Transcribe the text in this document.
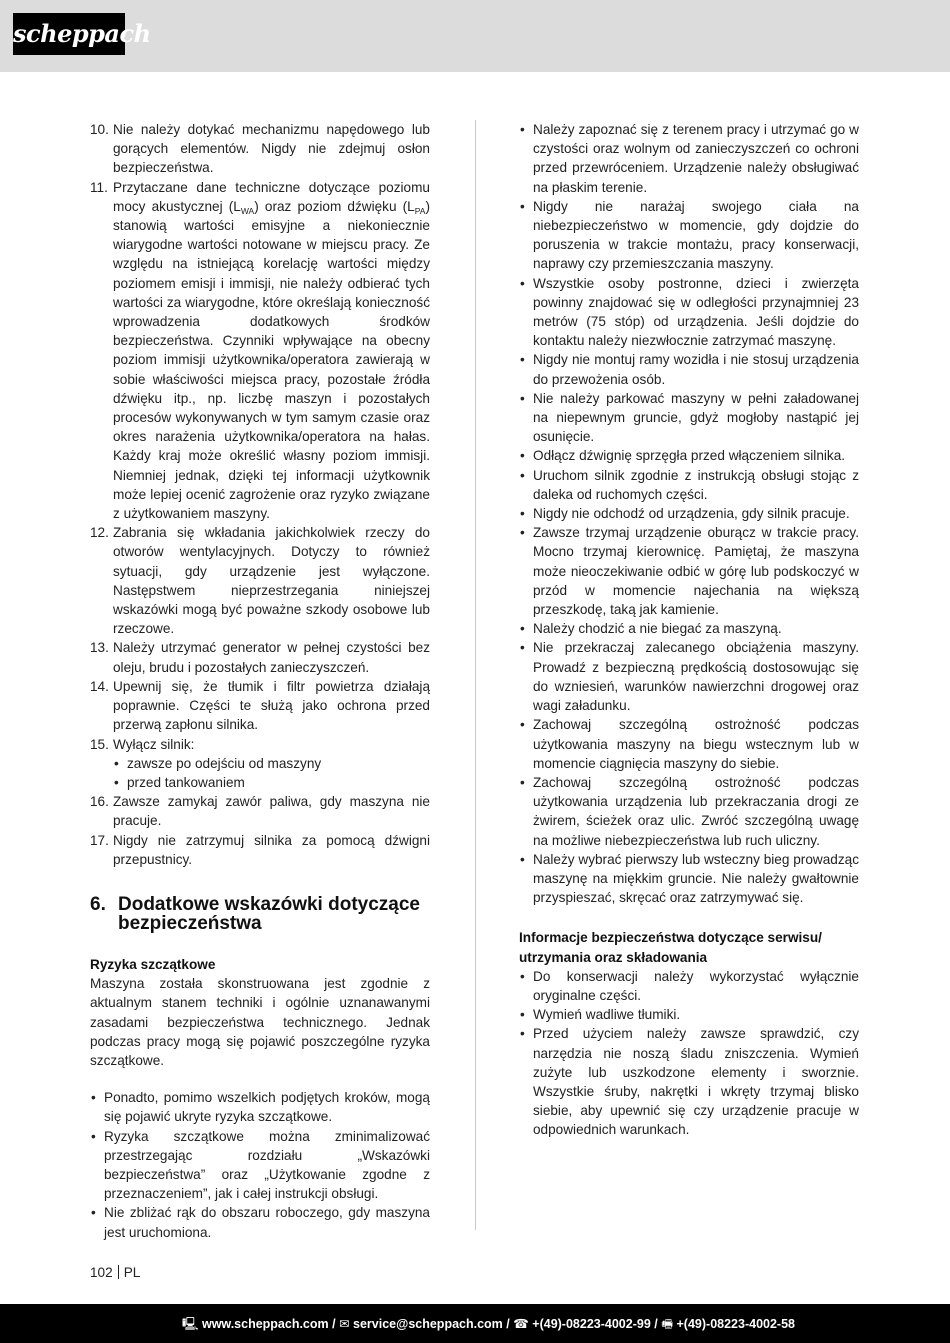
scheppach
10. Nie należy dotykać mechanizmu napędowego lub gorących elementów. Nigdy nie zdejmuj osłon bezpieczeństwa.
11. Przytaczane dane techniczne dotyczące poziomu mocy akustycznej $(L_{WA})$ oraz poziom dźwięku $(L_{PA})$ stanowią wartości emisyjne a niekoniecznie wiarygodne wartości notowane w miejscu pracy. Ze względu na istniejącą korelację wartości między poziomem emisji i immisji, nie należy odbierać tych wartości za wiarygodne, które określają konieczność wprowadzenia dodatkowych środków bezpieczeństwa. Czynniki wpływające na obecny poziom immisji użytkownika/operatora zawierają w sobie właściwości miejsca pracy, pozostałe źródła dźwięku itp., np. liczbę maszyn i pozostałych procesów wykonywanych w tym samym czasie oraz okres narażenia użytkownika/operatora na hałas. Każdy kraj może określić własny poziom immisji. Niemniej jednak, dzięki tej informacji użytkownik może lepiej ocenić zagrożenie oraz ryzyko związane z użytkowaniem maszyny.
12. Zabrania się wkładania jakichkolwiek rzeczy do otworów wentylacyjnych. Dotyczy to również sytuacji, gdy urządzenie jest wyłączone. Następstwem nieprzestrzegania niniejszej wskazówki mogą być poważne szkody osobowe lub rzeczowe.
13. Należy utrzymać generator w pełnej czystości bez oleju, brudu i pozostałych zanieczyszczeń.
14. Upewnij się, że tłumik i filtr powietrza działają poprawnie. Części te służą jako ochrona przed przerwą zapłonu silnika.
15. Wyłącz silnik:
• zawsze po odejściu od maszyny
• przed tankowaniem
16. Zawsze zamykaj zawór paliwa, gdy maszyna nie pracuje.
17. Nigdy nie zatrzymuj silnika za pomocą dźwigni przepustnicy.
6. Dodatkowe wskazówki dotyczące bezpieczeństwa
Ryzyka szczątkowe
Maszyna została skonstruowana jest zgodnie z aktualnym stanem techniki i ogólnie uznanawanymi zasadami bezpieczeństwa technicznego. Jednak podczas pracy mogą się pojawić poszczególne ryzyka szczątkowe.
• Ponadto, pomimo wszelkich podjętych kroków, mogą się pojawić ukryte ryzyka szczątkowe.
• Ryzyka szczątkowe można zminimalizować przestrzegając rozdziału „Wskazówki bezpieczeństwa” oraz „Użytkowanie zgodne z przeznaczeniem”, jak i całej instrukcji obsługi.
• Nie zbliżać rąk do obszaru roboczego, gdy maszyna jest uruchomiona.
• Należy zapoznać się z terenem pracy i utrzymać go w czystości oraz wolnym od zanieczyszczeń co ochroni przed przewróceniem. Urządzenie należy obsługiwać na płaskim terenie.
• Nigdy nie narażaj swojego ciała na niebezpieczeństwo w momencie, gdy dojdzie do poruszenia w trakcie montażu, pracy konserwacji, naprawy czy przemieszczania maszyny.
• Wszystkie osoby postronne, dzieci i zwierzęta powinny znajdować się w odległości przynajmniej 23 metrów (75 stóp) od urządzenia. Jeśli dojdzie do kontaktu należy niezwłocznie zatrzymać maszynę.
• Nigdy nie montuj ramy wozidła i nie stosuj urządzenia do przewożenia osób.
• Nie należy parkować maszyny w pełni załadowanej na niepewnym gruncie, gdyż mogłoby nastąpić jej osunięcie.
• Odłącz dźwignię sprzęgła przed włączeniem silnika.
• Uruchom silnik zgodnie z instrukcją obsługi stojąc z daleka od ruchomych części.
• Nigdy nie odchodź od urządzenia, gdy silnik pracuje.
• Zawsze trzymaj urządzenie oburącz w trakcie pracy. Mocno trzymaj kierownicę. Pamiętaj, że maszyna może nieoczekiwanie odbić w górę lub podskoczyć w przód w momencie najechania na większą przeszkodę, taką jak kamienie.
• Należy chodzić a nie biegać za maszyną.
• Nie przekraczaj zalecanego obciążenia maszyny. Prowadź z bezpieczną prędkością dostosowując się do wzniesień, warunków nawierzchni drogowej oraz wagi załadunku.
• Zachowaj szczególną ostrożność podczas użytkowania maszyny na biegu wstecznym lub w momencie ciągnięcia maszyny do siebie.
• Zachowaj szczególną ostrożność podczas użytkowania urządzenia lub przekraczania drogi ze żwirem, ścieżek oraz ulic. Zwróć szczególną uwagę na możliwe niebezpieczeństwa lub ruch uliczny.
• Należy wybrać pierwszy lub wsteczny bieg prowadząc maszynę na miękkim gruncie. Nie należy gwałtownie przyspieszać, skręcać oraz zatrzymywać się.
Informacje bezpieczeństwa dotyczące serwisu/ utrzymania oraz składowania
• Do konserwacji należy wykorzystać wyłącznie oryginalne części.
• Wymień wadliwe tłumiki.
• Przed użyciem należy zawsze sprawdzić, czy narzędzia nie noszą śladu zniszczenia. Wymień zużyte lub uszkodzone elementy i sworznie. Wszystkie śruby, nakrętki i wkręty trzymaj blisko siebie, aby upewnić się czy urządzenie pracuje w odpowiednich warunkach.
102 PL
🖳 www.scheppach.com / ✉ service@scheppach.com / ☎ +(49)-08223-4002-99 / 🖷 +(49)-08223-4002-58
